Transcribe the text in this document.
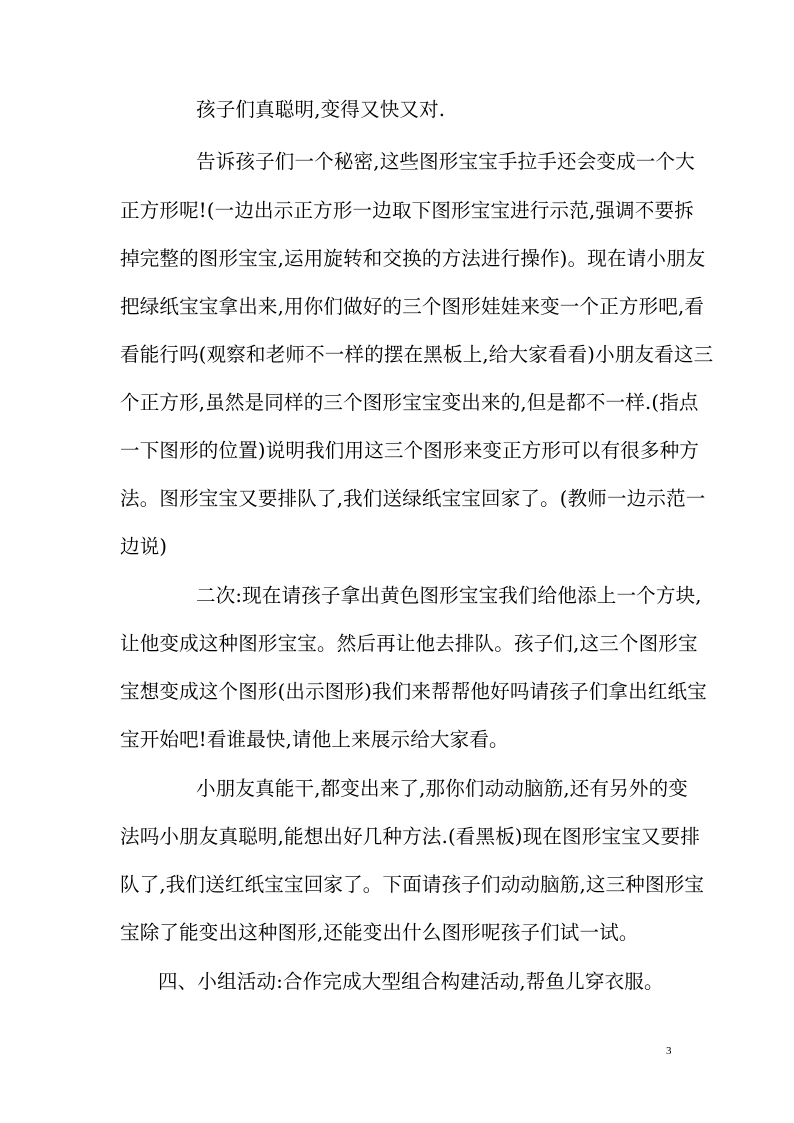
孩子们真聪明,变得又快又对.
告诉孩子们一个秘密,这些图形宝宝手拉手还会变成一个大
正方形呢!(一边出示正方形一边取下图形宝宝进行示范,强调不要拆
掉完整的图形宝宝,运用旋转和交换的方法进行操作)。现在请小朋友
把绿纸宝宝拿出来,用你们做好的三个图形娃娃来变一个正方形吧,看
看能行吗(观察和老师不一样的摆在黑板上,给大家看看)小朋友看这三
个正方形,虽然是同样的三个图形宝宝变出来的,但是都不一样.(指点
一下图形的位置)说明我们用这三个图形来变正方形可以有很多种方
法。图形宝宝又要排队了,我们送绿纸宝宝回家了。(教师一边示范一
边说)
二次:现在请孩子拿出黄色图形宝宝我们给他添上一个方块,
让他变成这种图形宝宝。然后再让他去排队。孩子们,这三个图形宝
宝想变成这个图形(出示图形)我们来帮帮他好吗请孩子们拿出红纸宝
宝开始吧!看谁最快,请他上来展示给大家看。
小朋友真能干,都变出来了,那你们动动脑筋,还有另外的变
法吗小朋友真聪明,能想出好几种方法.(看黑板)现在图形宝宝又要排
队了,我们送红纸宝宝回家了。下面请孩子们动动脑筋,这三种图形宝
宝除了能变出这种图形,还能变出什么图形呢孩子们试一试。
四、小组活动:合作完成大型组合构建活动,帮鱼儿穿衣服。
3
